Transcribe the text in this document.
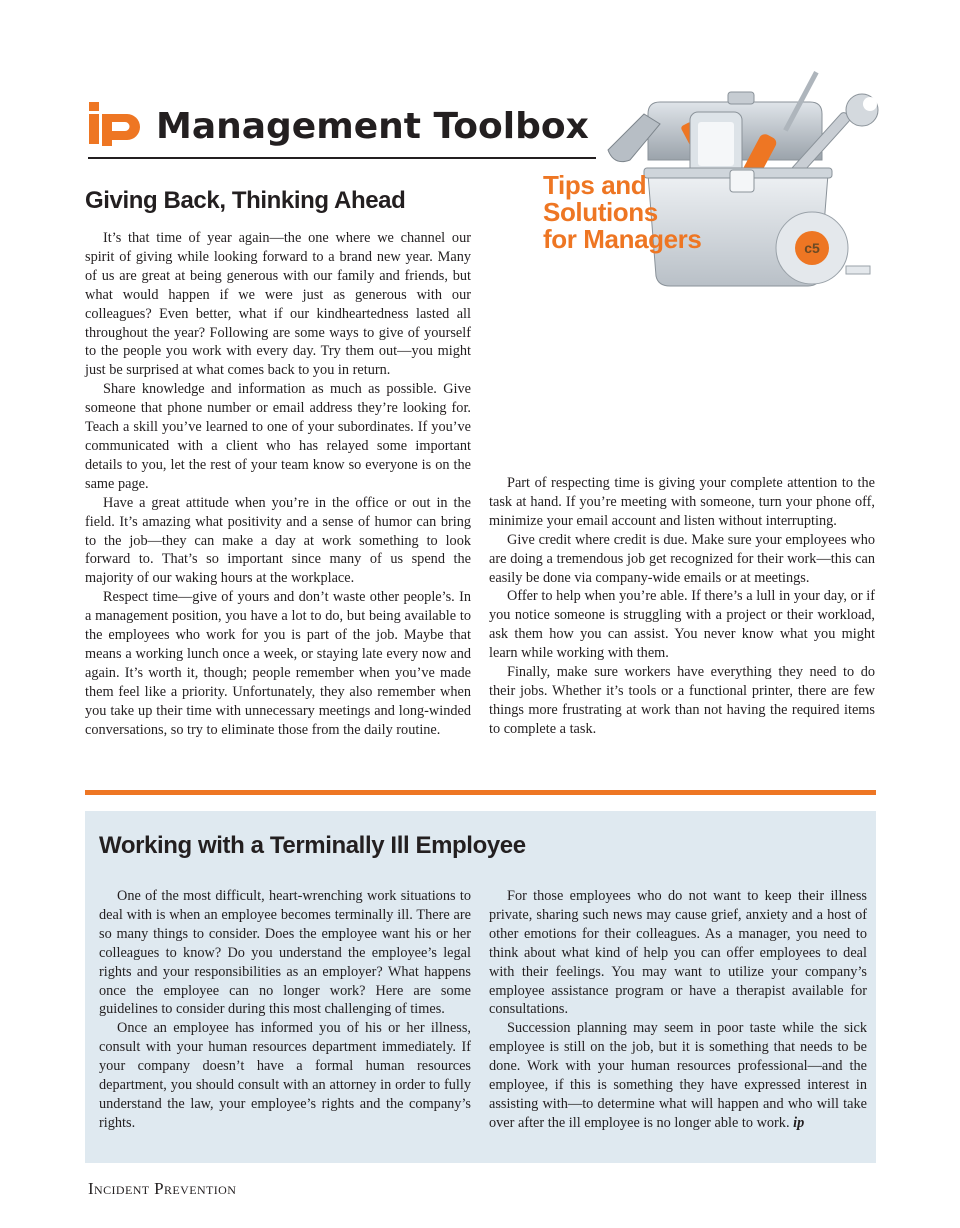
Management Toolbox
c5
Tips and
Solutions
for Managers
Giving Back, Thinking Ahead

It’s that time of year again—the one where we channel our spirit of giving while looking forward to a brand new year. Many of us are great at being generous with our family and friends, but what would happen if we were just as generous with our colleagues? Even better, what if our kindheartedness lasted all throughout the year? Following are some ways to give of yourself to the people you work with every day. Try them out—you might just be surprised at what comes back to you in return.

Share knowledge and information as much as possible. Give someone that phone number or email address they’re looking for. Teach a skill you’ve learned to one of your subordinates. If you’ve communicated with a client who has relayed some important details to you, let the rest of your team know so everyone is on the same page.

Have a great attitude when you’re in the office or out in the field. It’s amazing what positivity and a sense of humor can bring to the job—they can make a day at work something to look forward to. That’s so important since many of us spend the majority of our waking hours at the workplace.

Respect time—give of yours and don’t waste other people’s. In a management position, you have a lot to do, but being available to the employees who work for you is part of the job. Maybe that means a working lunch once a week, or staying late every now and again. It’s worth it, though; people remember when you’ve made them feel like a priority. Unfortunately, they also remember when you take up their time with unnecessary meetings and long-winded conversations, so try to eliminate those from the daily routine.

Part of respecting time is giving your complete attention to the task at hand. If you’re meeting with someone, turn your phone off, minimize your email account and listen without interrupting.

Give credit where credit is due. Make sure your employees who are doing a tremendous job get recognized for their work—this can easily be done via company-wide emails or at meetings.

Offer to help when you’re able. If there’s a lull in your day, or if you notice someone is struggling with a project or their workload, ask them how you can assist. You never know what you might learn while working with them.

Finally, make sure workers have everything they need to do their jobs. Whether it’s tools or a functional printer, there are few things more frustrating at work than not having the required items to complete a task.

Working with a Terminally Ill Employee

One of the most difficult, heart-wrenching work situations to deal with is when an employee becomes terminally ill. There are so many things to consider. Does the employee want his or her colleagues to know? Do you understand the employee’s legal rights and your responsibilities as an employer? What happens once the employee can no longer work? Here are some guidelines to consider during this most challenging of times.

Once an employee has informed you of his or her illness, consult with your human resources department immediately. If your company doesn’t have a formal human resources department, you should consult with an attorney in order to fully understand the law, your employee’s rights and the company’s rights.

For those employees who do not want to keep their illness private, sharing such news may cause grief, anxiety and a host of other emotions for their colleagues. As a manager, you need to think about what kind of help you can offer employees to deal with their feelings. You may want to utilize your company’s employee assistance program or have a therapist available for consultations.

Succession planning may seem in poor taste while the sick employee is still on the job, but it is something that needs to be done. Work with your human resources professional—and the employee, if this is something they have expressed interest in assisting with—to determine what will happen and who will take over after the ill employee is no longer able to work. ip

Incident Prevention
